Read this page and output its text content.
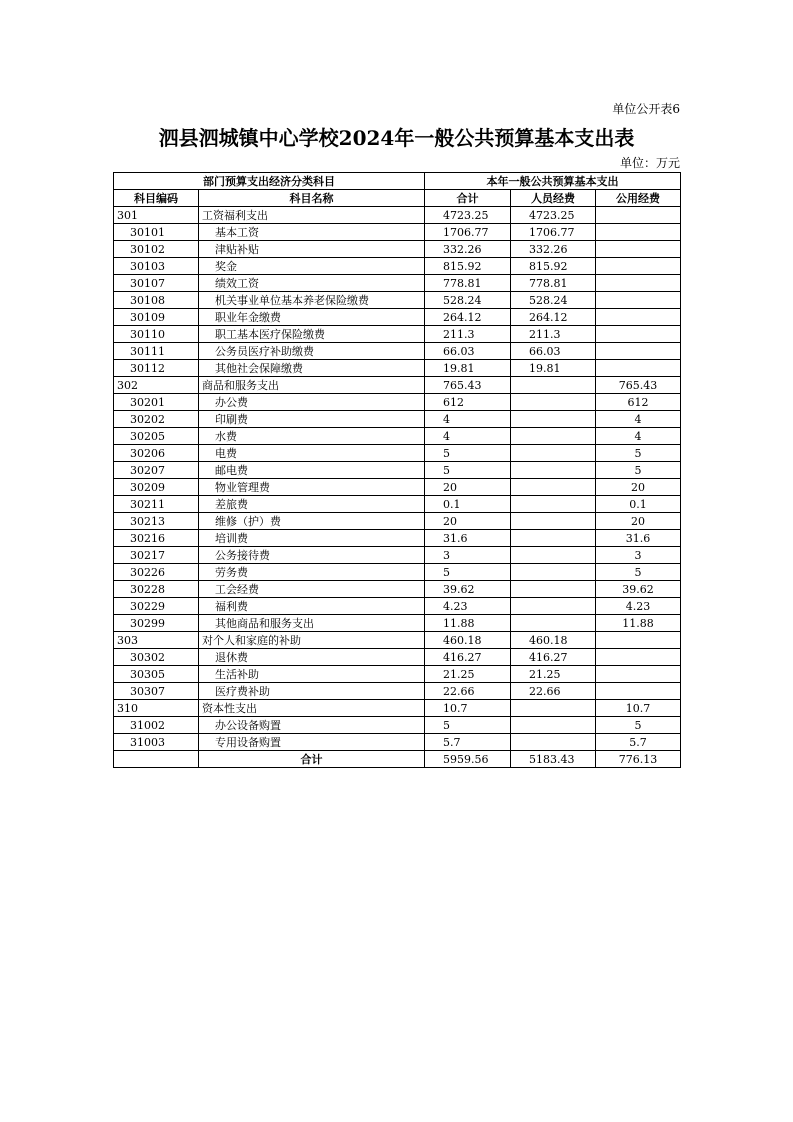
单位公开表6
泗县泗城镇中心学校2024年一般公共预算基本支出表
单位：万元
部门预算支出经济分类科目		本年一般公共预算基本支出		
科目编码	科目名称	合计	人员经费	公用经费
301	工资福利支出	4723.25	4723.25	
30101	基本工资	1706.77	1706.77	
30102	津贴补贴	332.26	332.26	
30103	奖金	815.92	815.92	
30107	绩效工资	778.81	778.81	
30108	机关事业单位基本养老保险缴费	528.24	528.24	
30109	职业年金缴费	264.12	264.12	
30110	职工基本医疗保险缴费	211.3	211.3	
30111	公务员医疗补助缴费	66.03	66.03	
30112	其他社会保障缴费	19.81	19.81	
302	商品和服务支出	765.43		765.43
30201	办公费	612		612
30202	印刷费	4		4
30205	水费	4		4
30206	电费	5		5
30207	邮电费	5		5
30209	物业管理费	20		20
30211	差旅费	0.1		0.1
30213	维修（护）费	20		20
30216	培训费	31.6		31.6
30217	公务接待费	3		3
30226	劳务费	5		5
30228	工会经费	39.62		39.62
30229	福利费	4.23		4.23
30299	其他商品和服务支出	11.88		11.88
303	对个人和家庭的补助	460.18	460.18	
30302	退休费	416.27	416.27	
30305	生活补助	21.25	21.25	
30307	医疗费补助	22.66	22.66	
310	资本性支出	10.7		10.7
31002	办公设备购置	5		5
31003	专用设备购置	5.7		5.7
	合计	5959.56	5183.43	776.13
